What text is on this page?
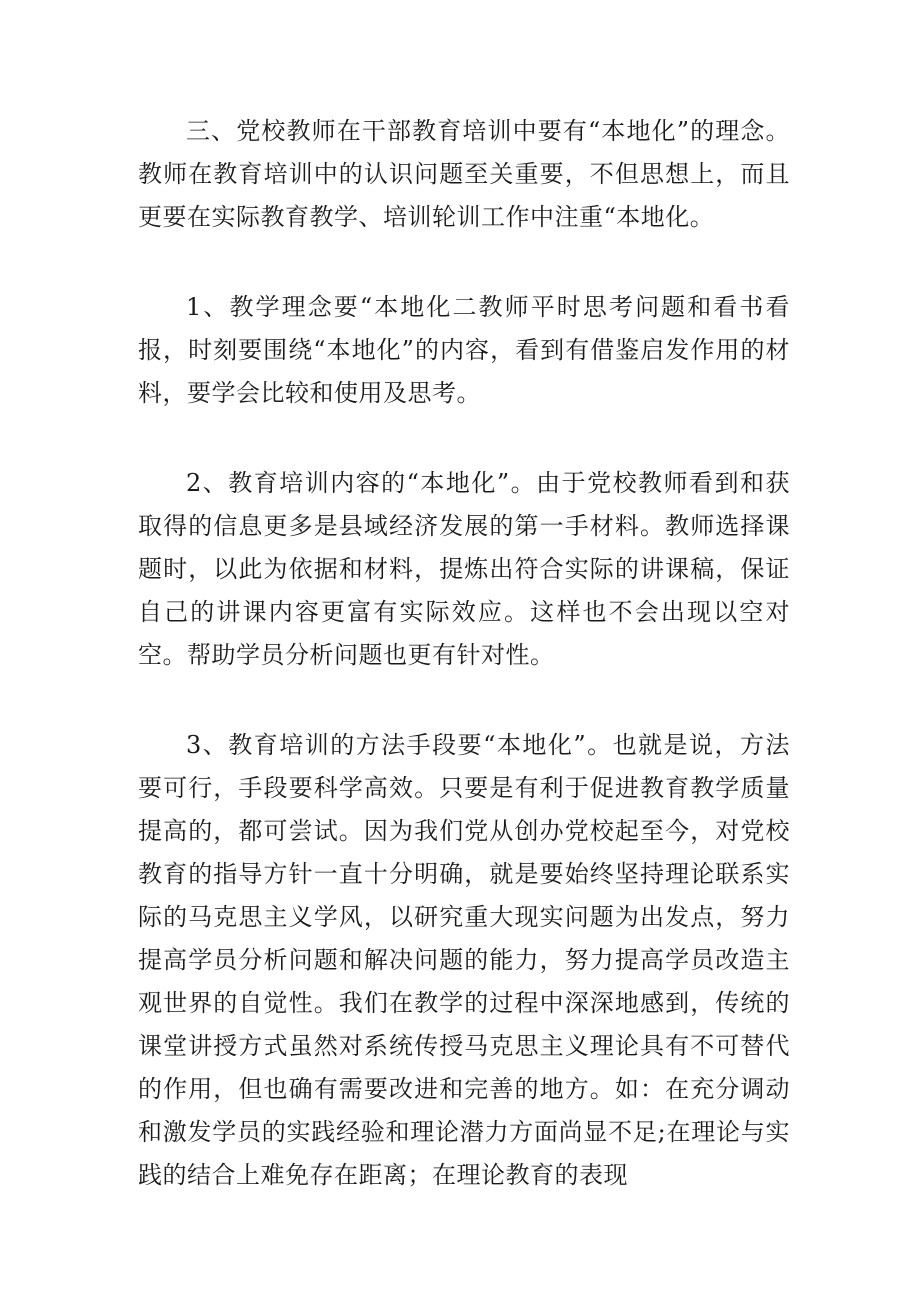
三、党校教师在干部教育培训中要有“本地化”的理念。教师在教育培训中的认识问题至关重要，不但思想上，而且更要在实际教育教学、培训轮训工作中注重“本地化。

1、教学理念要“本地化二教师平时思考问题和看书看报，时刻要围绕“本地化”的内容，看到有借鉴启发作用的材料，要学会比较和使用及思考。

2、教育培训内容的“本地化”。由于党校教师看到和获取得的信息更多是县域经济发展的第一手材料。教师选择课题时，以此为依据和材料，提炼出符合实际的讲课稿，保证自己的讲课内容更富有实际效应。这样也不会出现以空对空。帮助学员分析问题也更有针对性。

3、教育培训的方法手段要“本地化”。也就是说，方法要可行，手段要科学高效。只要是有利于促进教育教学质量提高的，都可尝试。因为我们党从创办党校起至今，对党校教育的指导方针一直十分明确，就是要始终坚持理论联系实际的马克思主义学风，以研究重大现实问题为出发点，努力提高学员分析问题和解决问题的能力，努力提高学员改造主观世界的自觉性。我们在教学的过程中深深地感到，传统的课堂讲授方式虽然对系统传授马克思主义理论具有不可替代的作用，但也确有需要改进和完善的地方。如：在充分调动和激发学员的实践经验和理论潜力方面尚显不足;在理论与实践的结合上难免存在距离；在理论教育的表现
